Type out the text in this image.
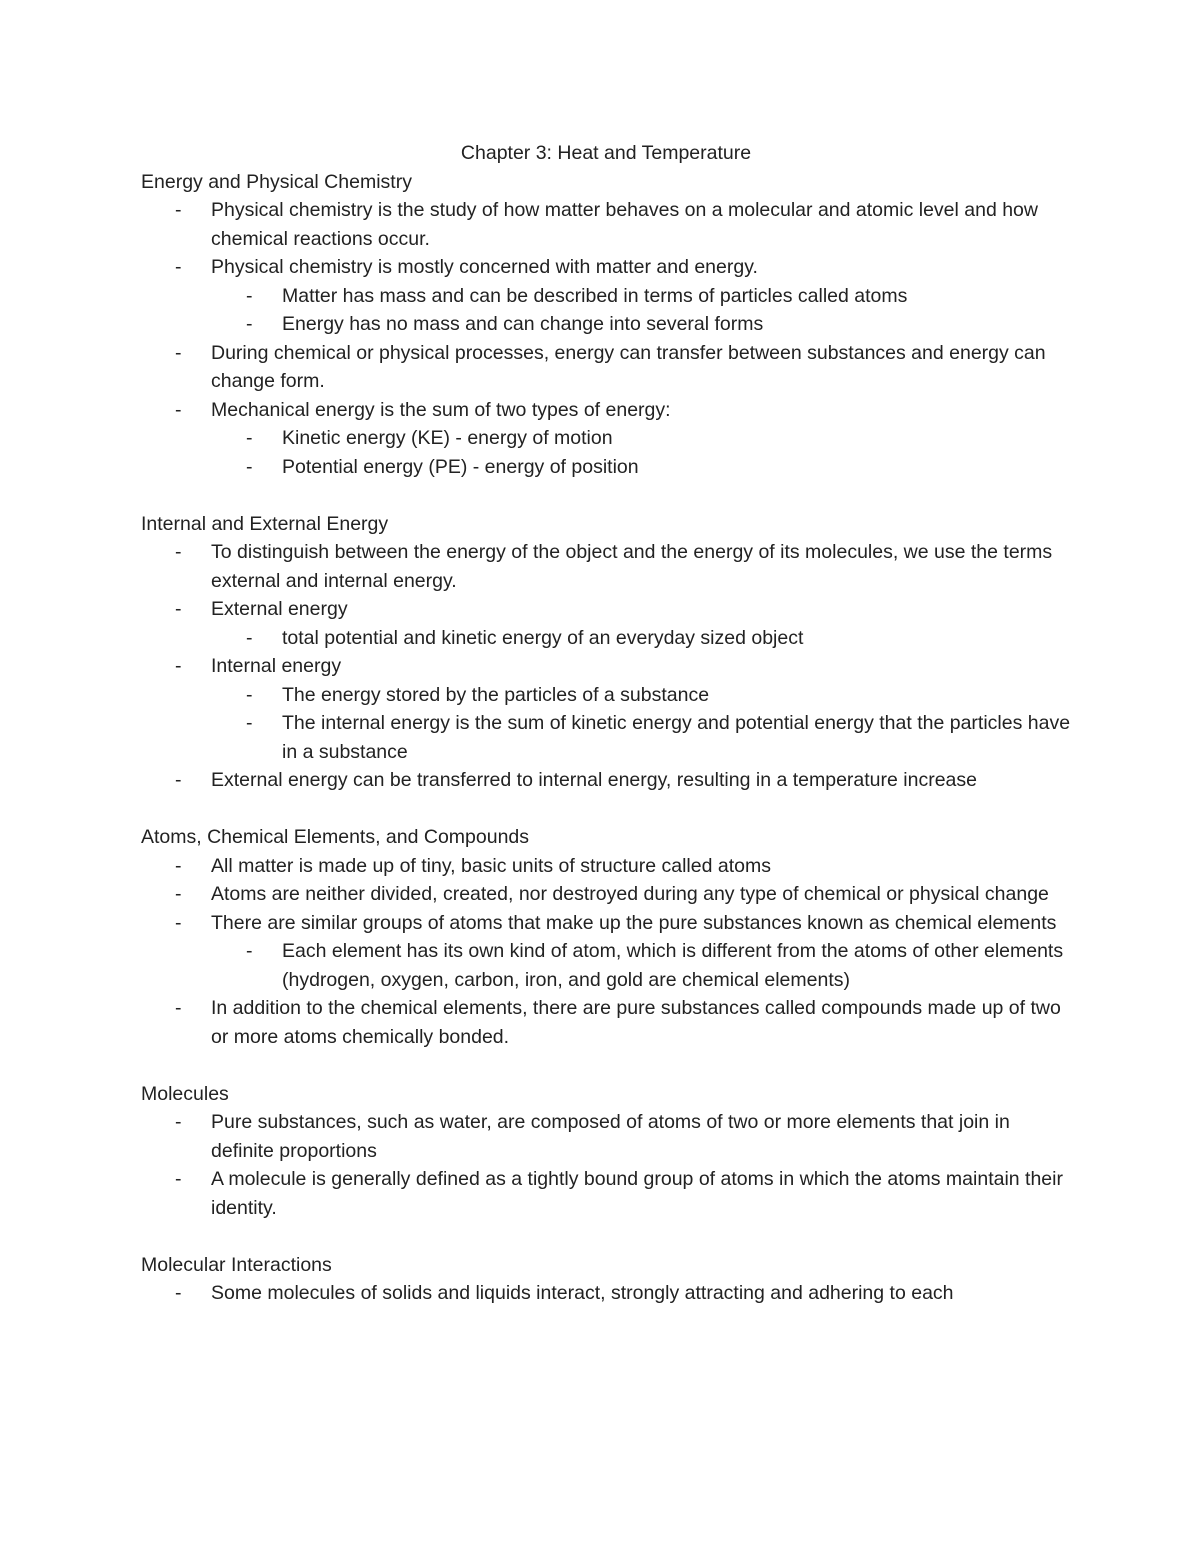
Chapter 3: Heat and Temperature

Energy and Physical Chemistry

- Physical chemistry is the study of how matter behaves on a molecular and atomic level and how chemical reactions occur.
- Physical chemistry is mostly concerned with matter and energy.
- Matter has mass and can be described in terms of particles called atoms
- Energy has no mass and can change into several forms
- During chemical or physical processes, energy can transfer between substances and energy can change form.
- Mechanical energy is the sum of two types of energy:
- Kinetic energy (KE) - energy of motion
- Potential energy (PE) - energy of position

Internal and External Energy

- To distinguish between the energy of the object and the energy of its molecules, we use the terms external and internal energy.
- External energy
- total potential and kinetic energy of an everyday sized object
- Internal energy
- The energy stored by the particles of a substance
- The internal energy is the sum of kinetic energy and potential energy that the particles have in a substance
- External energy can be transferred to internal energy, resulting in a temperature increase

Atoms, Chemical Elements, and Compounds

- All matter is made up of tiny, basic units of structure called atoms
- Atoms are neither divided, created, nor destroyed during any type of chemical or physical change
- There are similar groups of atoms that make up the pure substances known as chemical elements
- Each element has its own kind of atom, which is different from the atoms of other elements (hydrogen, oxygen, carbon, iron, and gold are chemical elements)
- In addition to the chemical elements, there are pure substances called compounds made up of two or more atoms chemically bonded.

Molecules

- Pure substances, such as water, are composed of atoms of two or more elements that join in definite proportions
- A molecule is generally defined as a tightly bound group of atoms in which the atoms maintain their identity.

Molecular Interactions

- Some molecules of solids and liquids interact, strongly attracting and adhering to each
